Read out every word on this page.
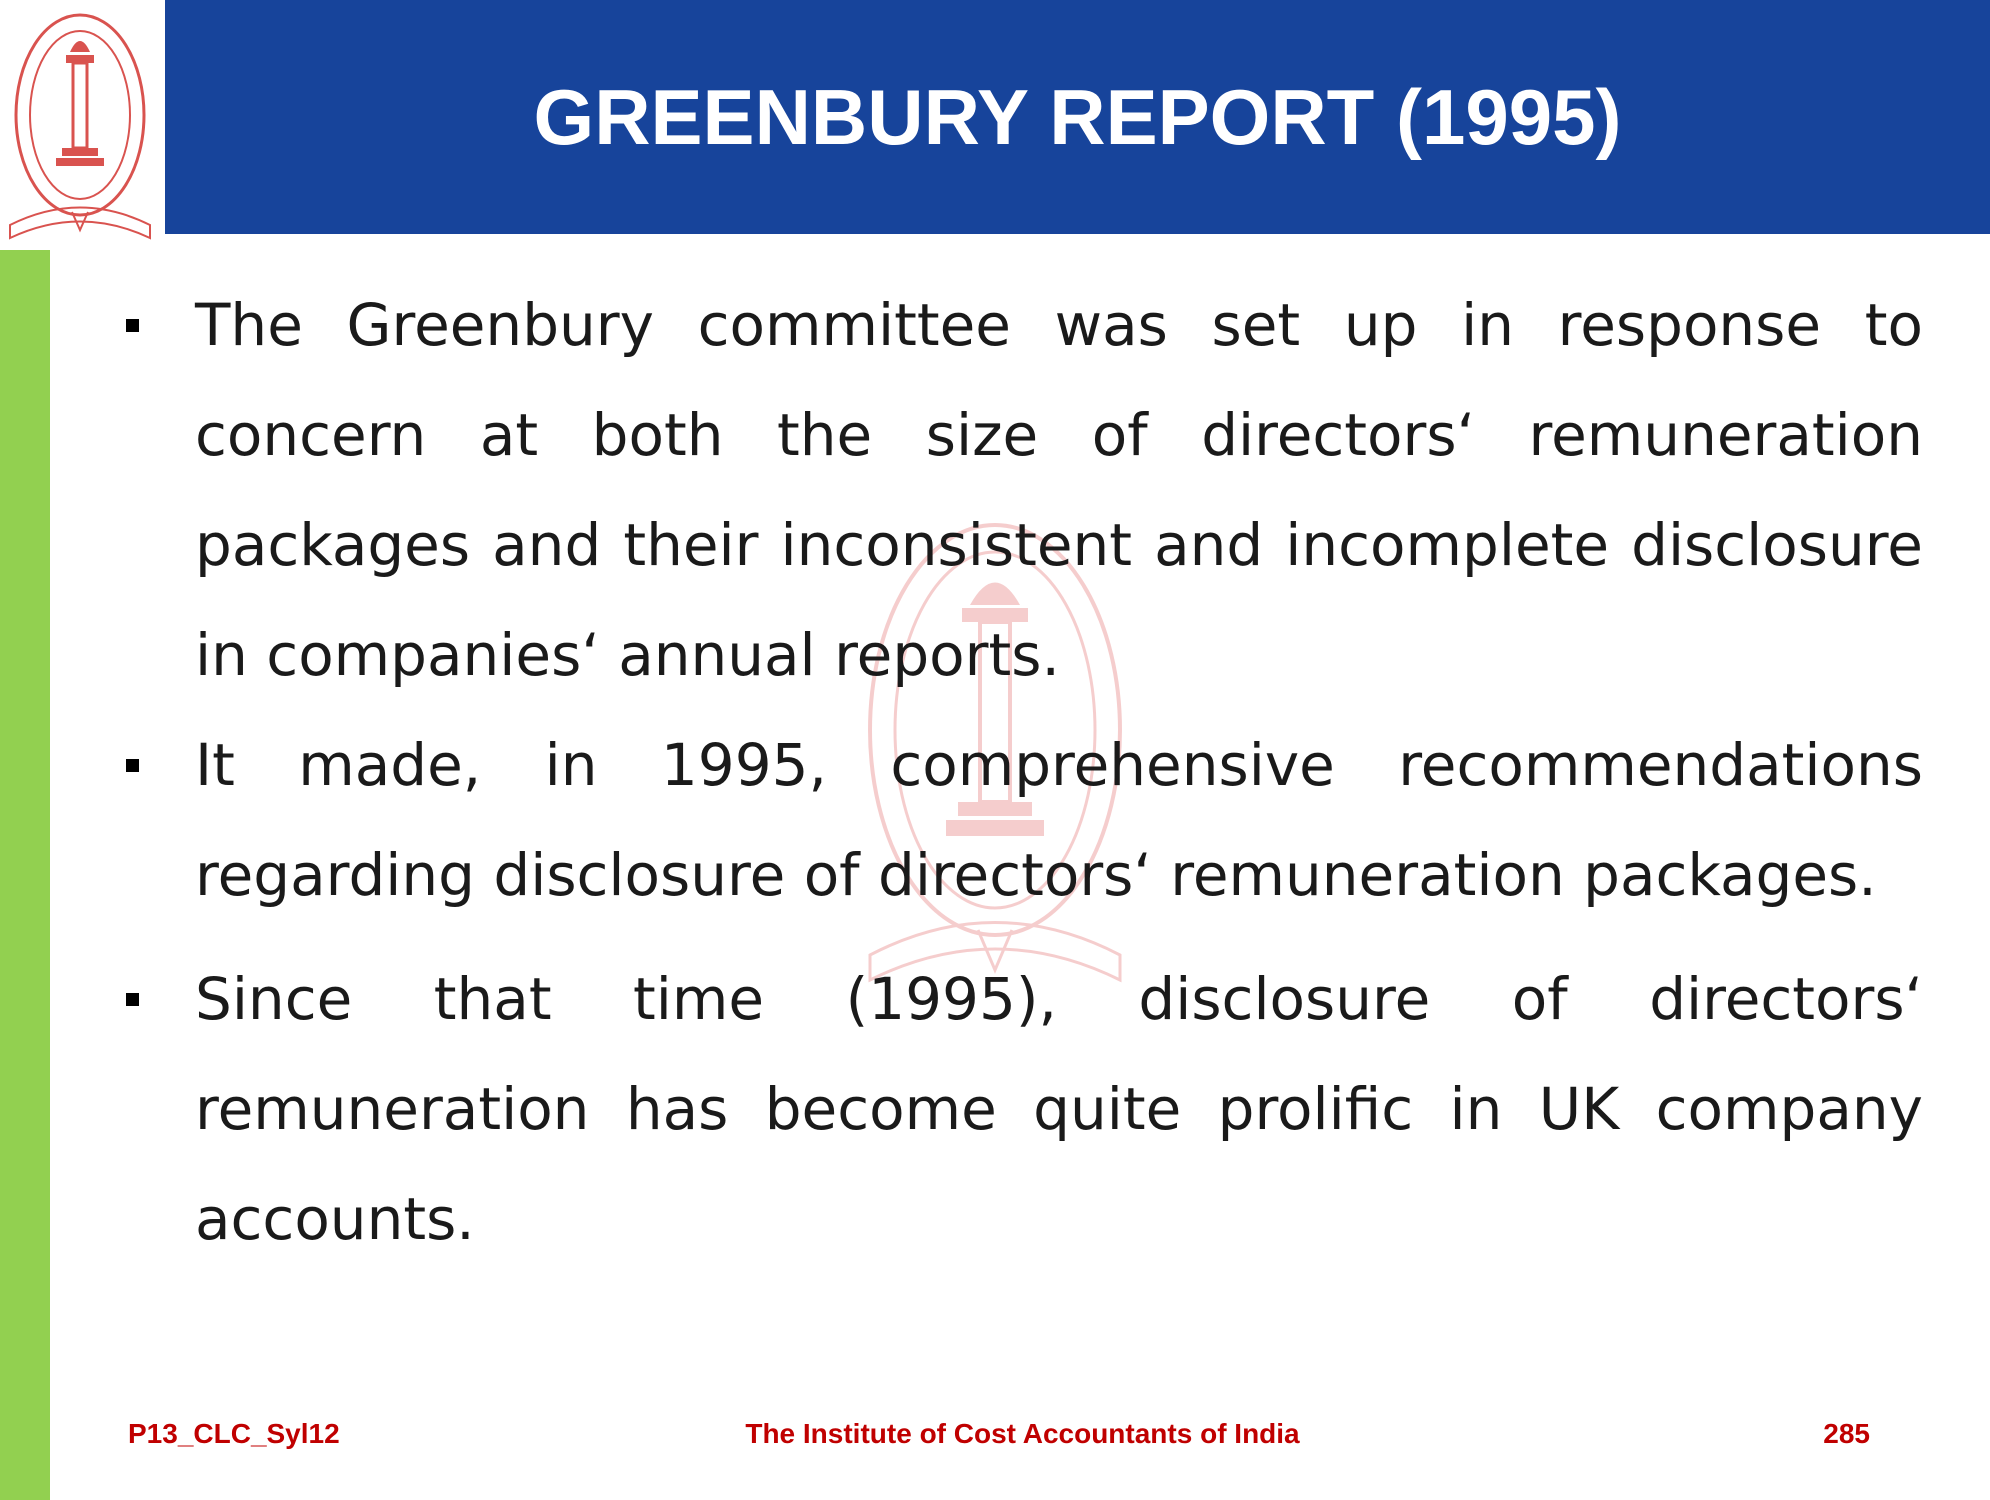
GREENBURY REPORT (1995)
The Greenbury committee was set up in response to concern at both the size of directors‘ remuneration packages and their inconsistent and incomplete disclosure in companies‘ annual reports.
It made, in 1995, comprehensive recommendations regarding disclosure of directors‘ remuneration packages.
Since that time (1995), disclosure of directors‘ remuneration has become quite prolific in UK company accounts.
P13_CLC_Syl12	The Institute of Cost Accountants of India	285
